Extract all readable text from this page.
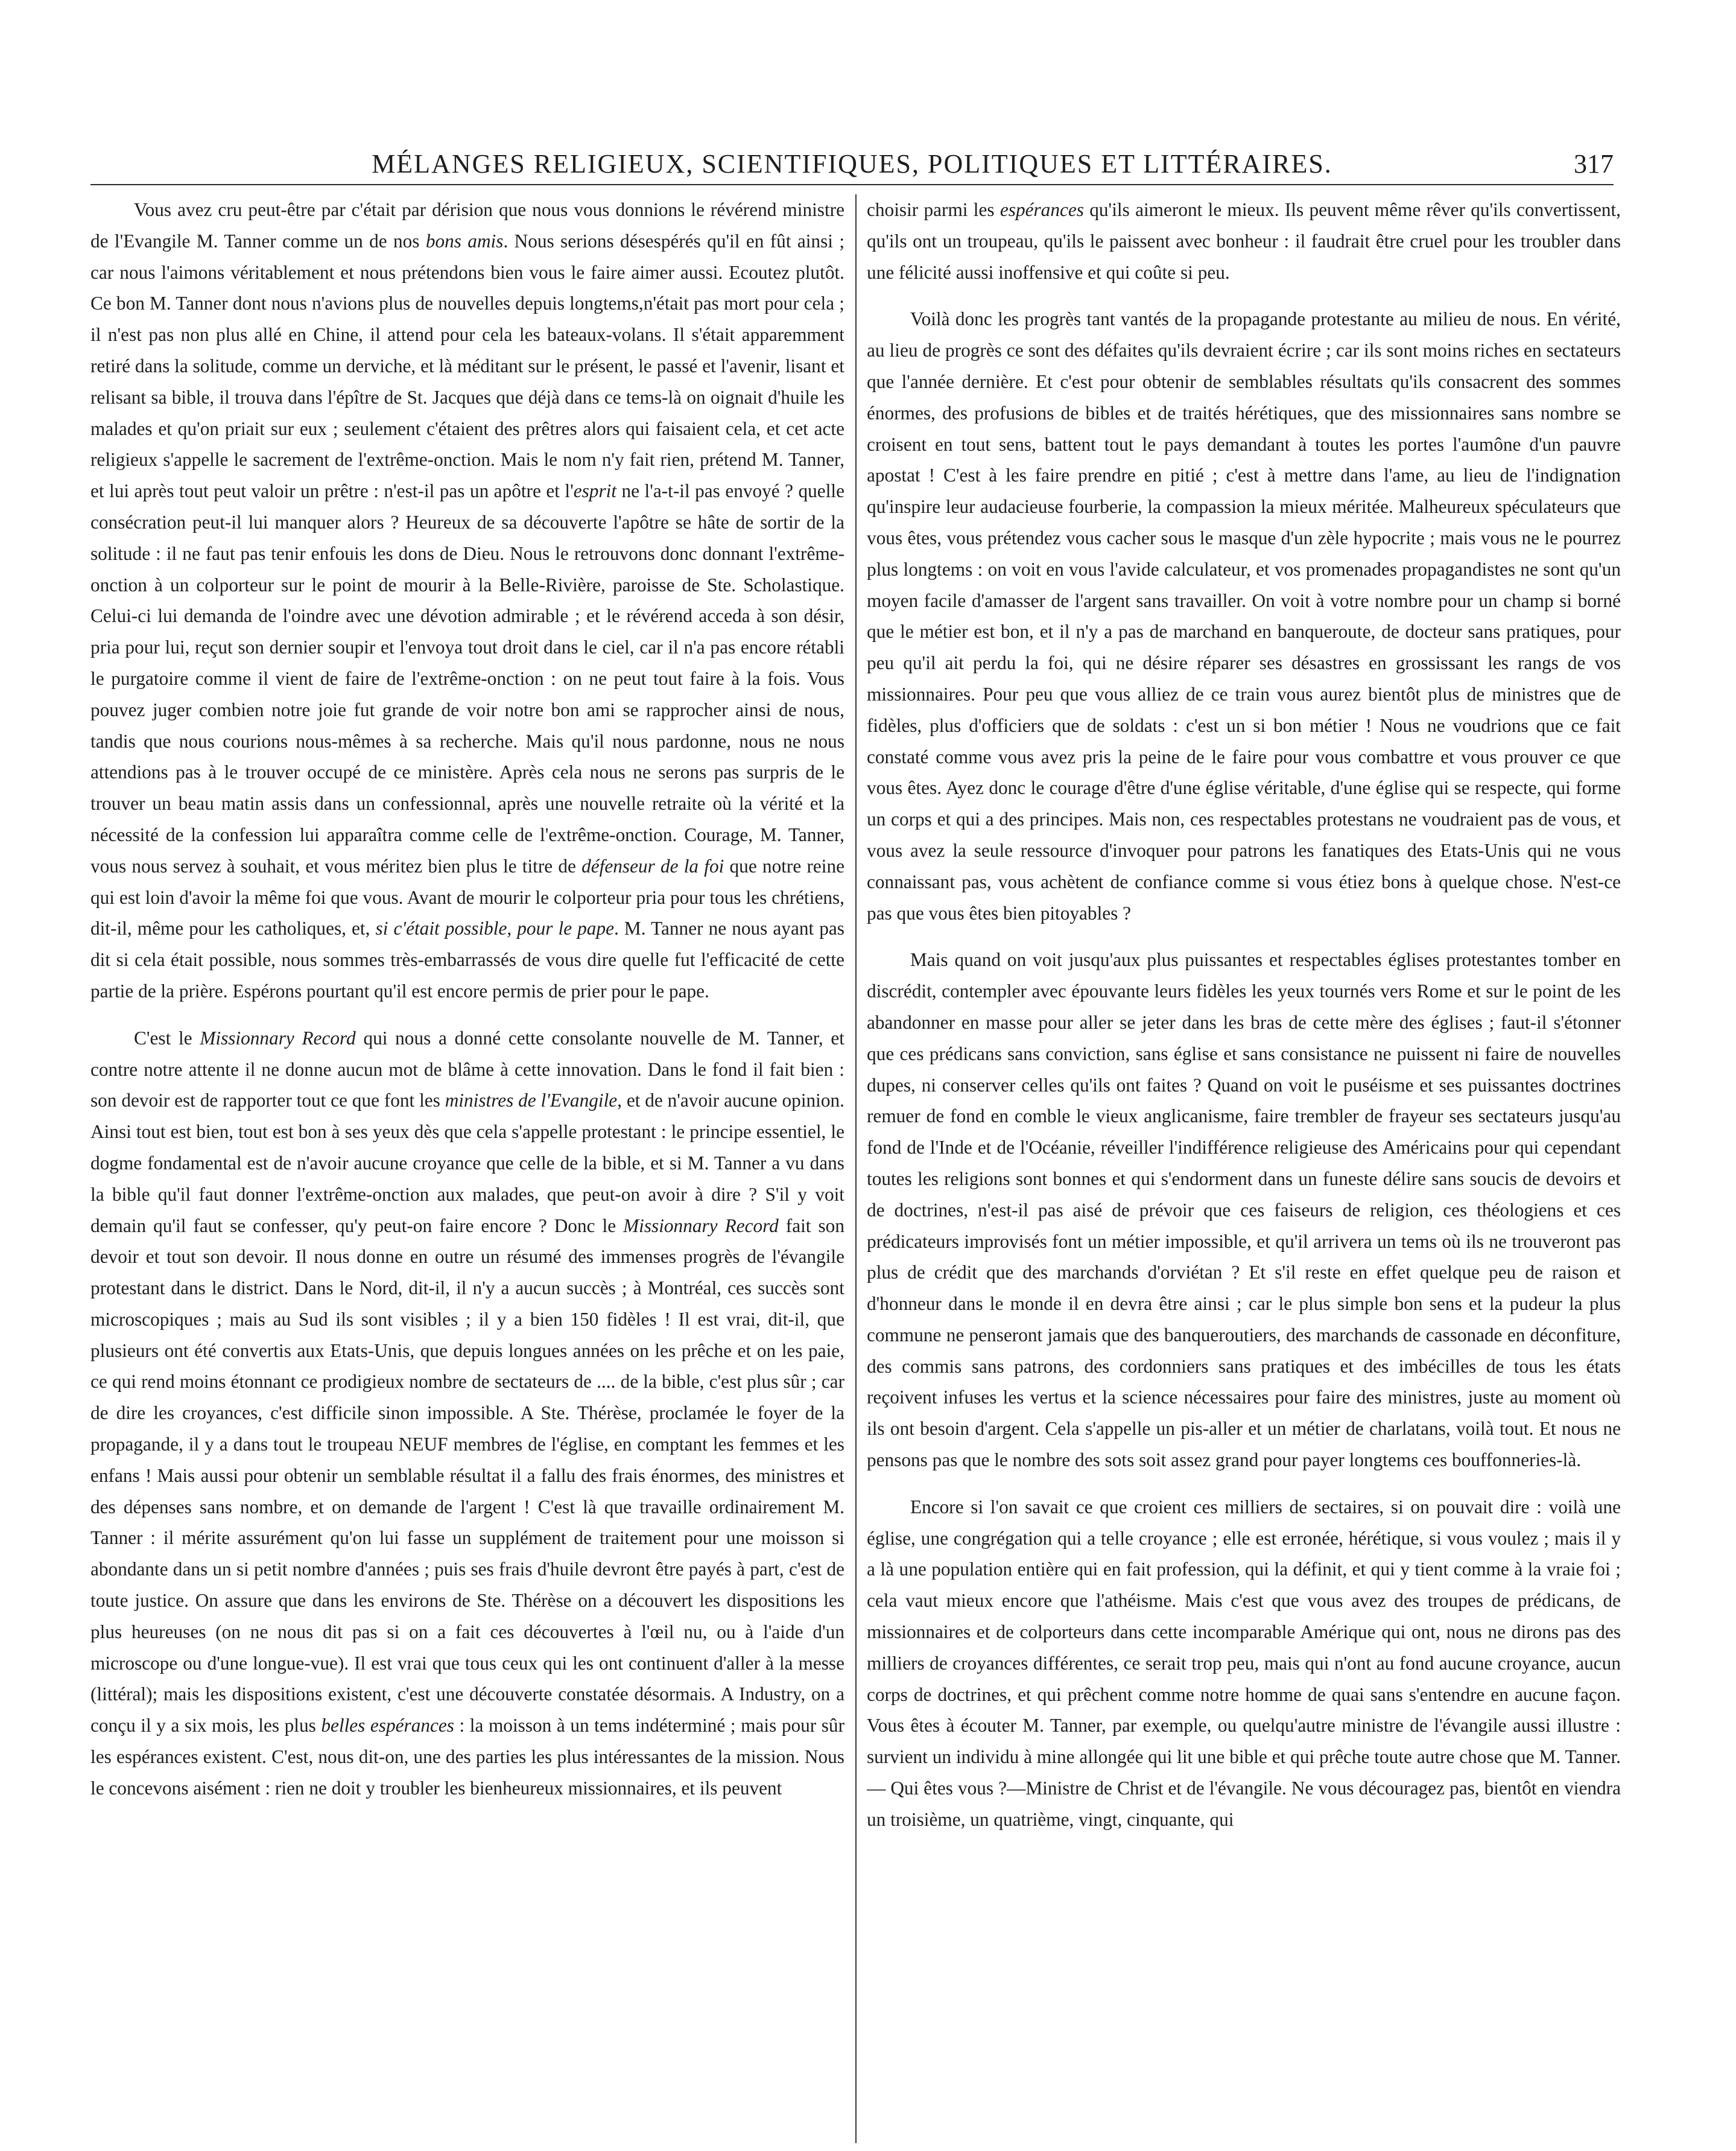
MÉLANGES RELIGIEUX, SCIENTIFIQUES, POLITIQUES ET LITTÉRAIRES.	317

Vous avez cru peut-être par c'était par dérision que nous vous donnions le révérend ministre de l'Evangile M. Tanner comme un de nos bons amis. Nous serions désespérés qu'il en fût ainsi ; car nous l'aimons véritablement et nous prétendons bien vous le faire aimer aussi. Ecoutez plutôt. Ce bon M. Tanner dont nous n'avions plus de nouvelles depuis longtems,n'était pas mort pour cela ; il n'est pas non plus allé en Chine, il attend pour cela les bateaux-volans. Il s'était apparemment retiré dans la solitude, comme un derviche, et là méditant sur le présent, le passé et l'avenir, lisant et relisant sa bible, il trouva dans l'épître de St. Jacques que déjà dans ce tems-là on oignait d'huile les malades et qu'on priait sur eux ; seulement c'étaient des prêtres alors qui faisaient cela, et cet acte religieux s'appelle le sacrement de l'extrême-onction. Mais le nom n'y fait rien, prétend M. Tanner, et lui après tout peut valoir un prêtre : n'est-il pas un apôtre et l'esprit ne l'a-t-il pas envoyé ? quelle consécration peut-il lui manquer alors ? Heureux de sa découverte l'apôtre se hâte de sortir de la solitude : il ne faut pas tenir enfouis les dons de Dieu. Nous le retrouvons donc donnant l'extrême-onction à un colporteur sur le point de mourir à la Belle-Rivière, paroisse de Ste. Scholastique. Celui-ci lui demanda de l'oindre avec une dévotion admirable ; et le révérend acceda à son désir, pria pour lui, reçut son dernier soupir et l'envoya tout droit dans le ciel, car il n'a pas encore rétabli le purgatoire comme il vient de faire de l'extrême-onction : on ne peut tout faire à la fois. Vous pouvez juger combien notre joie fut grande de voir notre bon ami se rapprocher ainsi de nous, tandis que nous courions nous-mêmes à sa recherche. Mais qu'il nous pardonne, nous ne nous attendions pas à le trouver occupé de ce ministère. Après cela nous ne serons pas surpris de le trouver un beau matin assis dans un confessionnal, après une nouvelle retraite où la vérité et la nécessité de la confession lui apparaîtra comme celle de l'extrême-onction. Courage, M. Tanner, vous nous servez à souhait, et vous méritez bien plus le titre de défenseur de la foi que notre reine qui est loin d'avoir la même foi que vous. Avant de mourir le colporteur pria pour tous les chrétiens, dit-il, même pour les catholiques, et, si c'était possible, pour le pape. M. Tanner ne nous ayant pas dit si cela était possible, nous sommes très-embarrassés de vous dire quelle fut l'efficacité de cette partie de la prière. Espérons pourtant qu'il est encore permis de prier pour le pape.

C'est le Missionnary Record qui nous a donné cette consolante nouvelle de M. Tanner, et contre notre attente il ne donne aucun mot de blâme à cette innovation. Dans le fond il fait bien : son devoir est de rapporter tout ce que font les ministres de l'Evangile, et de n'avoir aucune opinion. Ainsi tout est bien, tout est bon à ses yeux dès que cela s'appelle protestant : le principe essentiel, le dogme fondamental est de n'avoir aucune croyance que celle de la bible, et si M. Tanner a vu dans la bible qu'il faut donner l'extrême-onction aux malades, que peut-on avoir à dire ? S'il y voit demain qu'il faut se confesser, qu'y peut-on faire encore ? Donc le Missionnary Record fait son devoir et tout son devoir. Il nous donne en outre un résumé des immenses progrès de l'évangile protestant dans le district. Dans le Nord, dit-il, il n'y a aucun succès ; à Montréal, ces succès sont microscopiques ; mais au Sud ils sont visibles ; il y a bien 150 fidèles ! Il est vrai, dit-il, que plusieurs ont été convertis aux Etats-Unis, que depuis longues années on les prêche et on les paie, ce qui rend moins étonnant ce prodigieux nombre de sectateurs de .... de la bible, c'est plus sûr ; car de dire les croyances, c'est difficile sinon impossible. A Ste. Thérèse, proclamée le foyer de la propagande, il y a dans tout le troupeau NEUF membres de l'église, en comptant les femmes et les enfans ! Mais aussi pour obtenir un semblable résultat il a fallu des frais énormes, des ministres et des dépenses sans nombre, et on demande de l'argent ! C'est là que travaille ordinairement M. Tanner : il mérite assurément qu'on lui fasse un supplément de traitement pour une moisson si abondante dans un si petit nombre d'années ; puis ses frais d'huile devront être payés à part, c'est de toute justice. On assure que dans les environs de Ste. Thérèse on a découvert les dispositions les plus heureuses (on ne nous dit pas si on a fait ces découvertes à l'œil nu, ou à l'aide d'un microscope ou d'une longue-vue). Il est vrai que tous ceux qui les ont continuent d'aller à la messe (littéral); mais les dispositions existent, c'est une découverte constatée désormais. A Industry, on a conçu il y a six mois, les plus belles espérances : la moisson à un tems indéterminé ; mais pour sûr les espérances existent. C'est, nous dit-on, une des parties les plus intéressantes de la mission. Nous le concevons aisément : rien ne doit y troubler les bienheureux missionnaires, et ils peuvent

choisir parmi les espérances qu'ils aimeront le mieux. Ils peuvent même rêver qu'ils convertissent, qu'ils ont un troupeau, qu'ils le paissent avec bonheur : il faudrait être cruel pour les troubler dans une félicité aussi inoffensive et qui coûte si peu.

Voilà donc les progrès tant vantés de la propagande protestante au milieu de nous. En vérité, au lieu de progrès ce sont des défaites qu'ils devraient écrire ; car ils sont moins riches en sectateurs que l'année dernière. Et c'est pour obtenir de semblables résultats qu'ils consacrent des sommes énormes, des profusions de bibles et de traités hérétiques, que des missionnaires sans nombre se croisent en tout sens, battent tout le pays demandant à toutes les portes l'aumône d'un pauvre apostat ! C'est à les faire prendre en pitié ; c'est à mettre dans l'ame, au lieu de l'indignation qu'inspire leur audacieuse fourberie, la compassion la mieux méritée. Malheureux spéculateurs que vous êtes, vous prétendez vous cacher sous le masque d'un zèle hypocrite ; mais vous ne le pourrez plus longtems : on voit en vous l'avide calculateur, et vos promenades propagandistes ne sont qu'un moyen facile d'amasser de l'argent sans travailler. On voit à votre nombre pour un champ si borné que le métier est bon, et il n'y a pas de marchand en banqueroute, de docteur sans pratiques, pour peu qu'il ait perdu la foi, qui ne désire réparer ses désastres en grossissant les rangs de vos missionnaires. Pour peu que vous alliez de ce train vous aurez bientôt plus de ministres que de fidèles, plus d'officiers que de soldats : c'est un si bon métier ! Nous ne voudrions que ce fait constaté comme vous avez pris la peine de le faire pour vous combattre et vous prouver ce que vous êtes. Ayez donc le courage d'être d'une église véritable, d'une église qui se respecte, qui forme un corps et qui a des principes. Mais non, ces respectables protestans ne voudraient pas de vous, et vous avez la seule ressource d'invoquer pour patrons les fanatiques des Etats-Unis qui ne vous connaissant pas, vous achètent de confiance comme si vous étiez bons à quelque chose. N'est-ce pas que vous êtes bien pitoyables ?

Mais quand on voit jusqu'aux plus puissantes et respectables églises protestantes tomber en discrédit, contempler avec épouvante leurs fidèles les yeux tournés vers Rome et sur le point de les abandonner en masse pour aller se jeter dans les bras de cette mère des églises ; faut-il s'étonner que ces prédicans sans conviction, sans église et sans consistance ne puissent ni faire de nouvelles dupes, ni conserver celles qu'ils ont faites ? Quand on voit le puséisme et ses puissantes doctrines remuer de fond en comble le vieux anglicanisme, faire trembler de frayeur ses sectateurs jusqu'au fond de l'Inde et de l'Océanie, réveiller l'indifférence religieuse des Américains pour qui cependant toutes les religions sont bonnes et qui s'endorment dans un funeste délire sans soucis de devoirs et de doctrines, n'est-il pas aisé de prévoir que ces faiseurs de religion, ces théologiens et ces prédicateurs improvisés font un métier impossible, et qu'il arrivera un tems où ils ne trouveront pas plus de crédit que des marchands d'orviétan ? Et s'il reste en effet quelque peu de raison et d'honneur dans le monde il en devra être ainsi ; car le plus simple bon sens et la pudeur la plus commune ne penseront jamais que des banqueroutiers, des marchands de cassonade en déconfiture, des commis sans patrons, des cordonniers sans pratiques et des imbécilles de tous les états reçoivent infuses les vertus et la science nécessaires pour faire des ministres, juste au moment où ils ont besoin d'argent. Cela s'appelle un pis-aller et un métier de charlatans, voilà tout. Et nous ne pensons pas que le nombre des sots soit assez grand pour payer longtems ces bouffonneries-là.

Encore si l'on savait ce que croient ces milliers de sectaires, si on pouvait dire : voilà une église, une congrégation qui a telle croyance ; elle est erronée, hérétique, si vous voulez ; mais il y a là une population entière qui en fait profession, qui la définit, et qui y tient comme à la vraie foi ; cela vaut mieux encore que l'athéisme. Mais c'est que vous avez des troupes de prédicans, de missionnaires et de colporteurs dans cette incomparable Amérique qui ont, nous ne dirons pas des milliers de croyances différentes, ce serait trop peu, mais qui n'ont au fond aucune croyance, aucun corps de doctrines, et qui prêchent comme notre homme de quai sans s'entendre en aucune façon. Vous êtes à écouter M. Tanner, par exemple, ou quelqu'autre ministre de l'évangile aussi illustre : survient un individu à mine allongée qui lit une bible et qui prêche toute autre chose que M. Tanner.— Qui êtes vous ?—Ministre de Christ et de l'évangile. Ne vous découragez pas, bientôt en viendra un troisième, un quatrième, vingt, cinquante, qui
